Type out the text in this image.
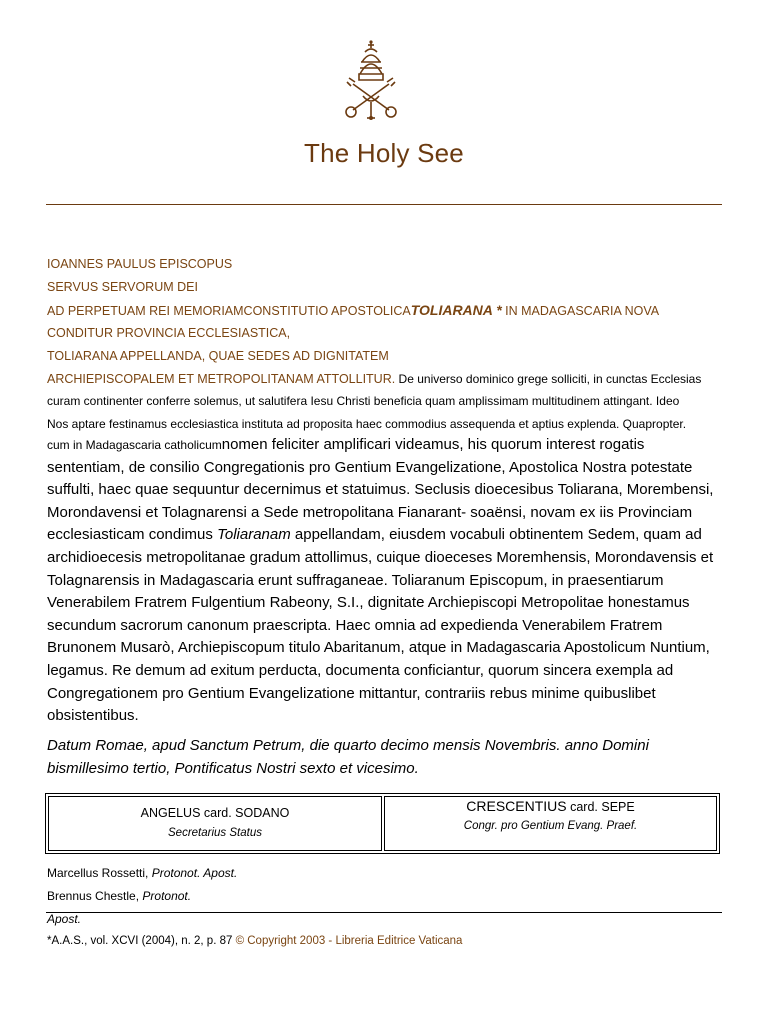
The Holy See
IOANNES PAULUS EPISCOPUS
SERVUS SERVORUM DEI
AD PERPETUAM REI MEMORIAMCONSTITUTIO APOSTOLICATOLIARANA * IN MADAGASCARIA NOVA
CONDITUR PROVINCIA ECCLESIASTICA,
TOLIARANA APPELLANDA, QUAE SEDES AD DIGNITATEM
ARCHIEPISCOPALEM ET METROPOLITANAM ATTOLLITUR. De universo dominico grege solliciti, in cunctas Ecclesias
curam continenter conferre solemus, ut salutifera Iesu Christi beneficia quam amplissimam multitudinem attingant. Ideo
Nos aptare festinamus ecclesiastica instituta ad proposita haec commodius assequenda et aptius explenda. Quapropter.
cum in Madagascaria catholicumnomen feliciter amplificari videamus, his quorum interest rogatis sententiam, de consilio Congregationis pro Gentium Evangelizatione, Apostolica Nostra potestate suffulti, haec quae sequuntur decernimus et statuimus. Seclusis dioecesibus Toliarana, Morembensi, Morondavensi et Tolagnarensi a Sede metropolitana Fianarant- soaënsi, novam ex iis Provinciam ecclesiasticam condimus Toliaranam appellandam, eiusdem vocabuli obtinentem Sedem, quam ad archidioecesis metropolitanae gradum attollimus, cuique dioeceses Moremhensis, Morondavensis et Tolagnarensis in Madagascaria erunt suffraganeae. Toliaranum Episcopum, in praesentiarum Venerabilem Fratrem Fulgentium Rabeony, S.I., dignitate Archiepiscopi Metropolitae honestamus secundum sacrorum canonum praescripta. Haec omnia ad expedienda Venerabilem Fratrem Brunonem Musarò, Archiepiscopum titulo Abaritanum, atque in Madagascaria Apostolicum Nuntium, legamus. Re demum ad exitum perducta, documenta conficiantur, quorum sincera exempla ad Congregationem pro Gentium Evangelizatione mittantur, contrariis rebus minime quibuslibet obsistentibus.
Datum Romae, apud Sanctum Petrum, die quarto decimo mensis Novembris. anno Domini bismillesimo tertio, Pontificatus Nostri sexto et vicesimo.
ANGELUS card. SODANO
Secretarius Status
CRESCENTIUS card. SEPE
Congr. pro Gentium Evang. Praef.
Marcellus Rossetti, Protonot. Apost.
Brennus Chestle, Protonot.
Apost.
*A.A.S., vol. XCVI (2004), n. 2, p. 87 © Copyright 2003 - Libreria Editrice Vaticana
